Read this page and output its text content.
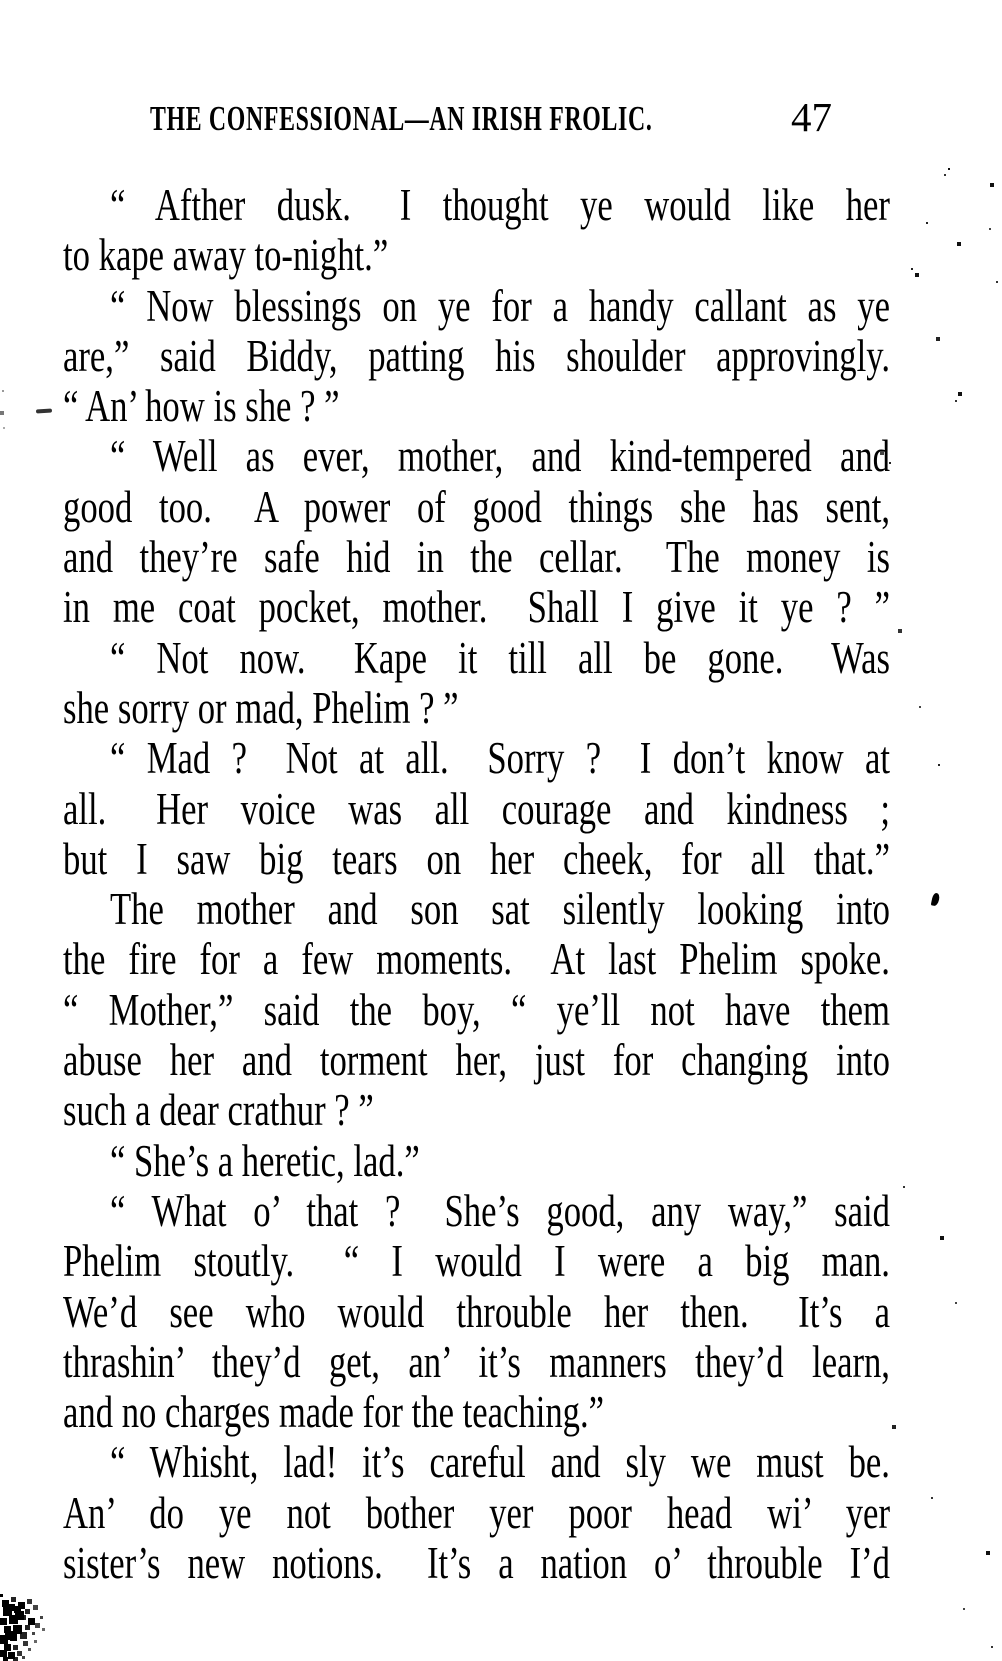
THE CONFESSIONAL—AN IRISH FROLIC.	47
“ Afther dusk.  I thought ye would like her
to kape away to-night.”
“ Now blessings on ye for a handy callant as ye
are,” said Biddy, patting his shoulder approvingly.
“ An’ how is she ? ”
“ Well as ever, mother, and kind-tempered and
good too.  A power of good things she has sent,
and they’re safe hid in the cellar.  The money is
in me coat pocket, mother.  Shall I give it ye ? ”
“ Not now.  Kape it till all be gone.  Was
she sorry or mad, Phelim ? ”
“ Mad ?  Not at all.  Sorry ?  I don’t know at
all.  Her voice was all courage and kindness ;
but I saw big tears on her cheek, for all that.”
The mother and son sat silently looking into
the fire for a few moments.  At last Phelim spoke.
“ Mother,” said the boy, “ ye’ll not have them
abuse her and torment her, just for changing into
such a dear crathur ? ”
“ She’s a heretic, lad.”
“ What o’ that ?  She’s good, any way,” said
Phelim stoutly.  “ I would I were a big man.
We’d see who would throuble her then.  It’s a
thrashin’ they’d get, an’ it’s manners they’d learn,
and no charges made for the teaching.”
“ Whisht, lad! it’s careful and sly we must be.
An’ do ye not bother yer poor head wi’ yer
sister’s new notions.  It’s a nation o’ throuble I’d
